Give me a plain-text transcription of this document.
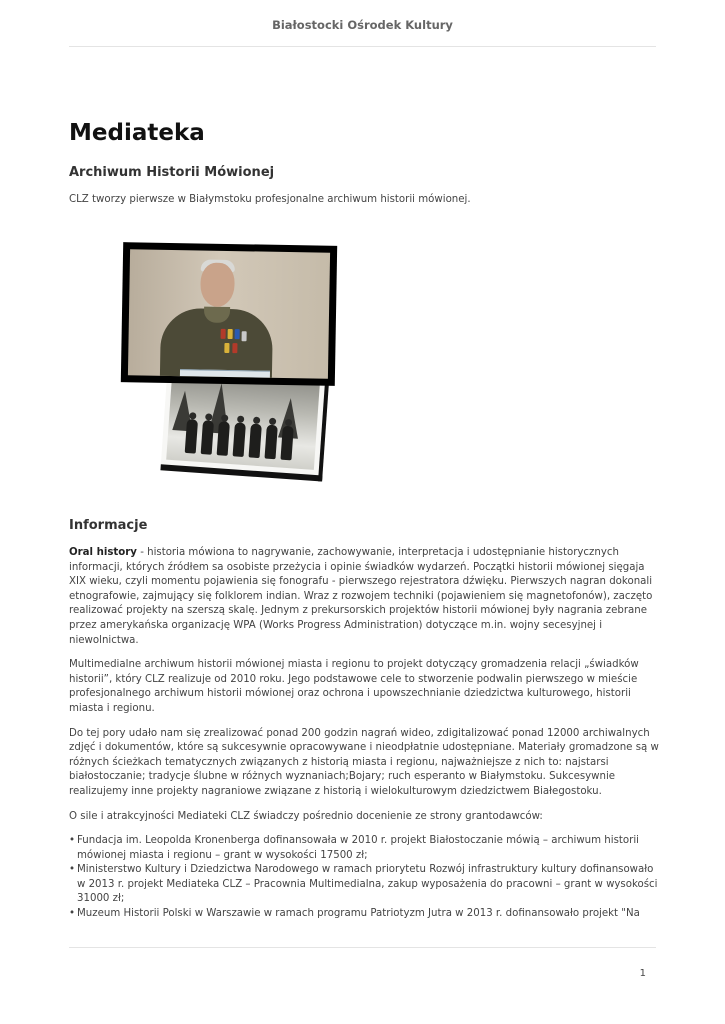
Białostocki Ośrodek Kultury
Mediateka
Archiwum Historii Mówionej

CLZ tworzy pierwsze w Białymstoku profesjonalne archiwum historii mówionej.

Informacje

Oral history - historia mówiona to nagrywanie, zachowywanie, interpretacja i udostępnianie historycznych informacji, których źródłem sa osobiste przeżycia i opinie świadków wydarzeń. Początki historii mówionej sięgaja XIX wieku, czyli momentu pojawienia się fonografu - pierwszego rejestratora dźwięku. Pierwszych nagran dokonali etnografowie, zajmujący się folklorem indian. Wraz z rozwojem techniki (pojawieniem się magnetofonów), zaczęto realizować projekty na szerszą skalę. Jednym z prekursorskich projektów historii mówionej były nagrania zebrane przez amerykańska organizację WPA (Works Progress Administration) dotyczące m.in. wojny secesyjnej i niewolnictwa.

Multimedialne archiwum historii mówionej miasta i regionu to projekt dotyczący gromadzenia relacji „świadków historii”, który CLZ realizuje od 2010 roku. Jego podstawowe cele to stworzenie podwalin pierwszego w mieście profesjonalnego archiwum historii mówionej oraz ochrona i upowszechnianie dziedzictwa kulturowego, historii miasta i regionu.

Do tej pory udało nam się zrealizować ponad 200 godzin nagrań wideo, zdigitalizować ponad 12000 archiwalnych zdjęć i dokumentów, które są sukcesywnie opracowywane i nieodpłatnie udostępniane. Materiały gromadzone są w różnych ścieżkach tematycznych związanych z historią miasta i regionu, najważniejsze z nich to: najstarsi białostoczanie; tradycje ślubne w różnych wyznaniach;Bojary; ruch esperanto w Białymstoku. Sukcesywnie realizujemy inne projekty nagraniowe związane z historią i wielokulturowym dziedzictwem Białegostoku.

O sile i atrakcyjności Mediateki CLZ świadczy pośrednio docenienie ze strony grantodawców:

• Fundacja im. Leopolda Kronenberga dofinansowała w 2010 r. projekt Białostoczanie mówią – archiwum historii mówionej miasta i regionu – grant w wysokości 17500 zł;
• Ministerstwo Kultury i Dziedzictwa Narodowego w ramach priorytetu Rozwój infrastruktury kultury dofinansowało w 2013 r. projekt Mediateka CLZ – Pracownia Multimedialna, zakup wyposażenia do pracowni – grant w wysokości 31000 zł;
• Muzeum Historii Polski w Warszawie w ramach programu Patriotyzm Jutra w 2013 r. dofinansowało projekt "Na
1
